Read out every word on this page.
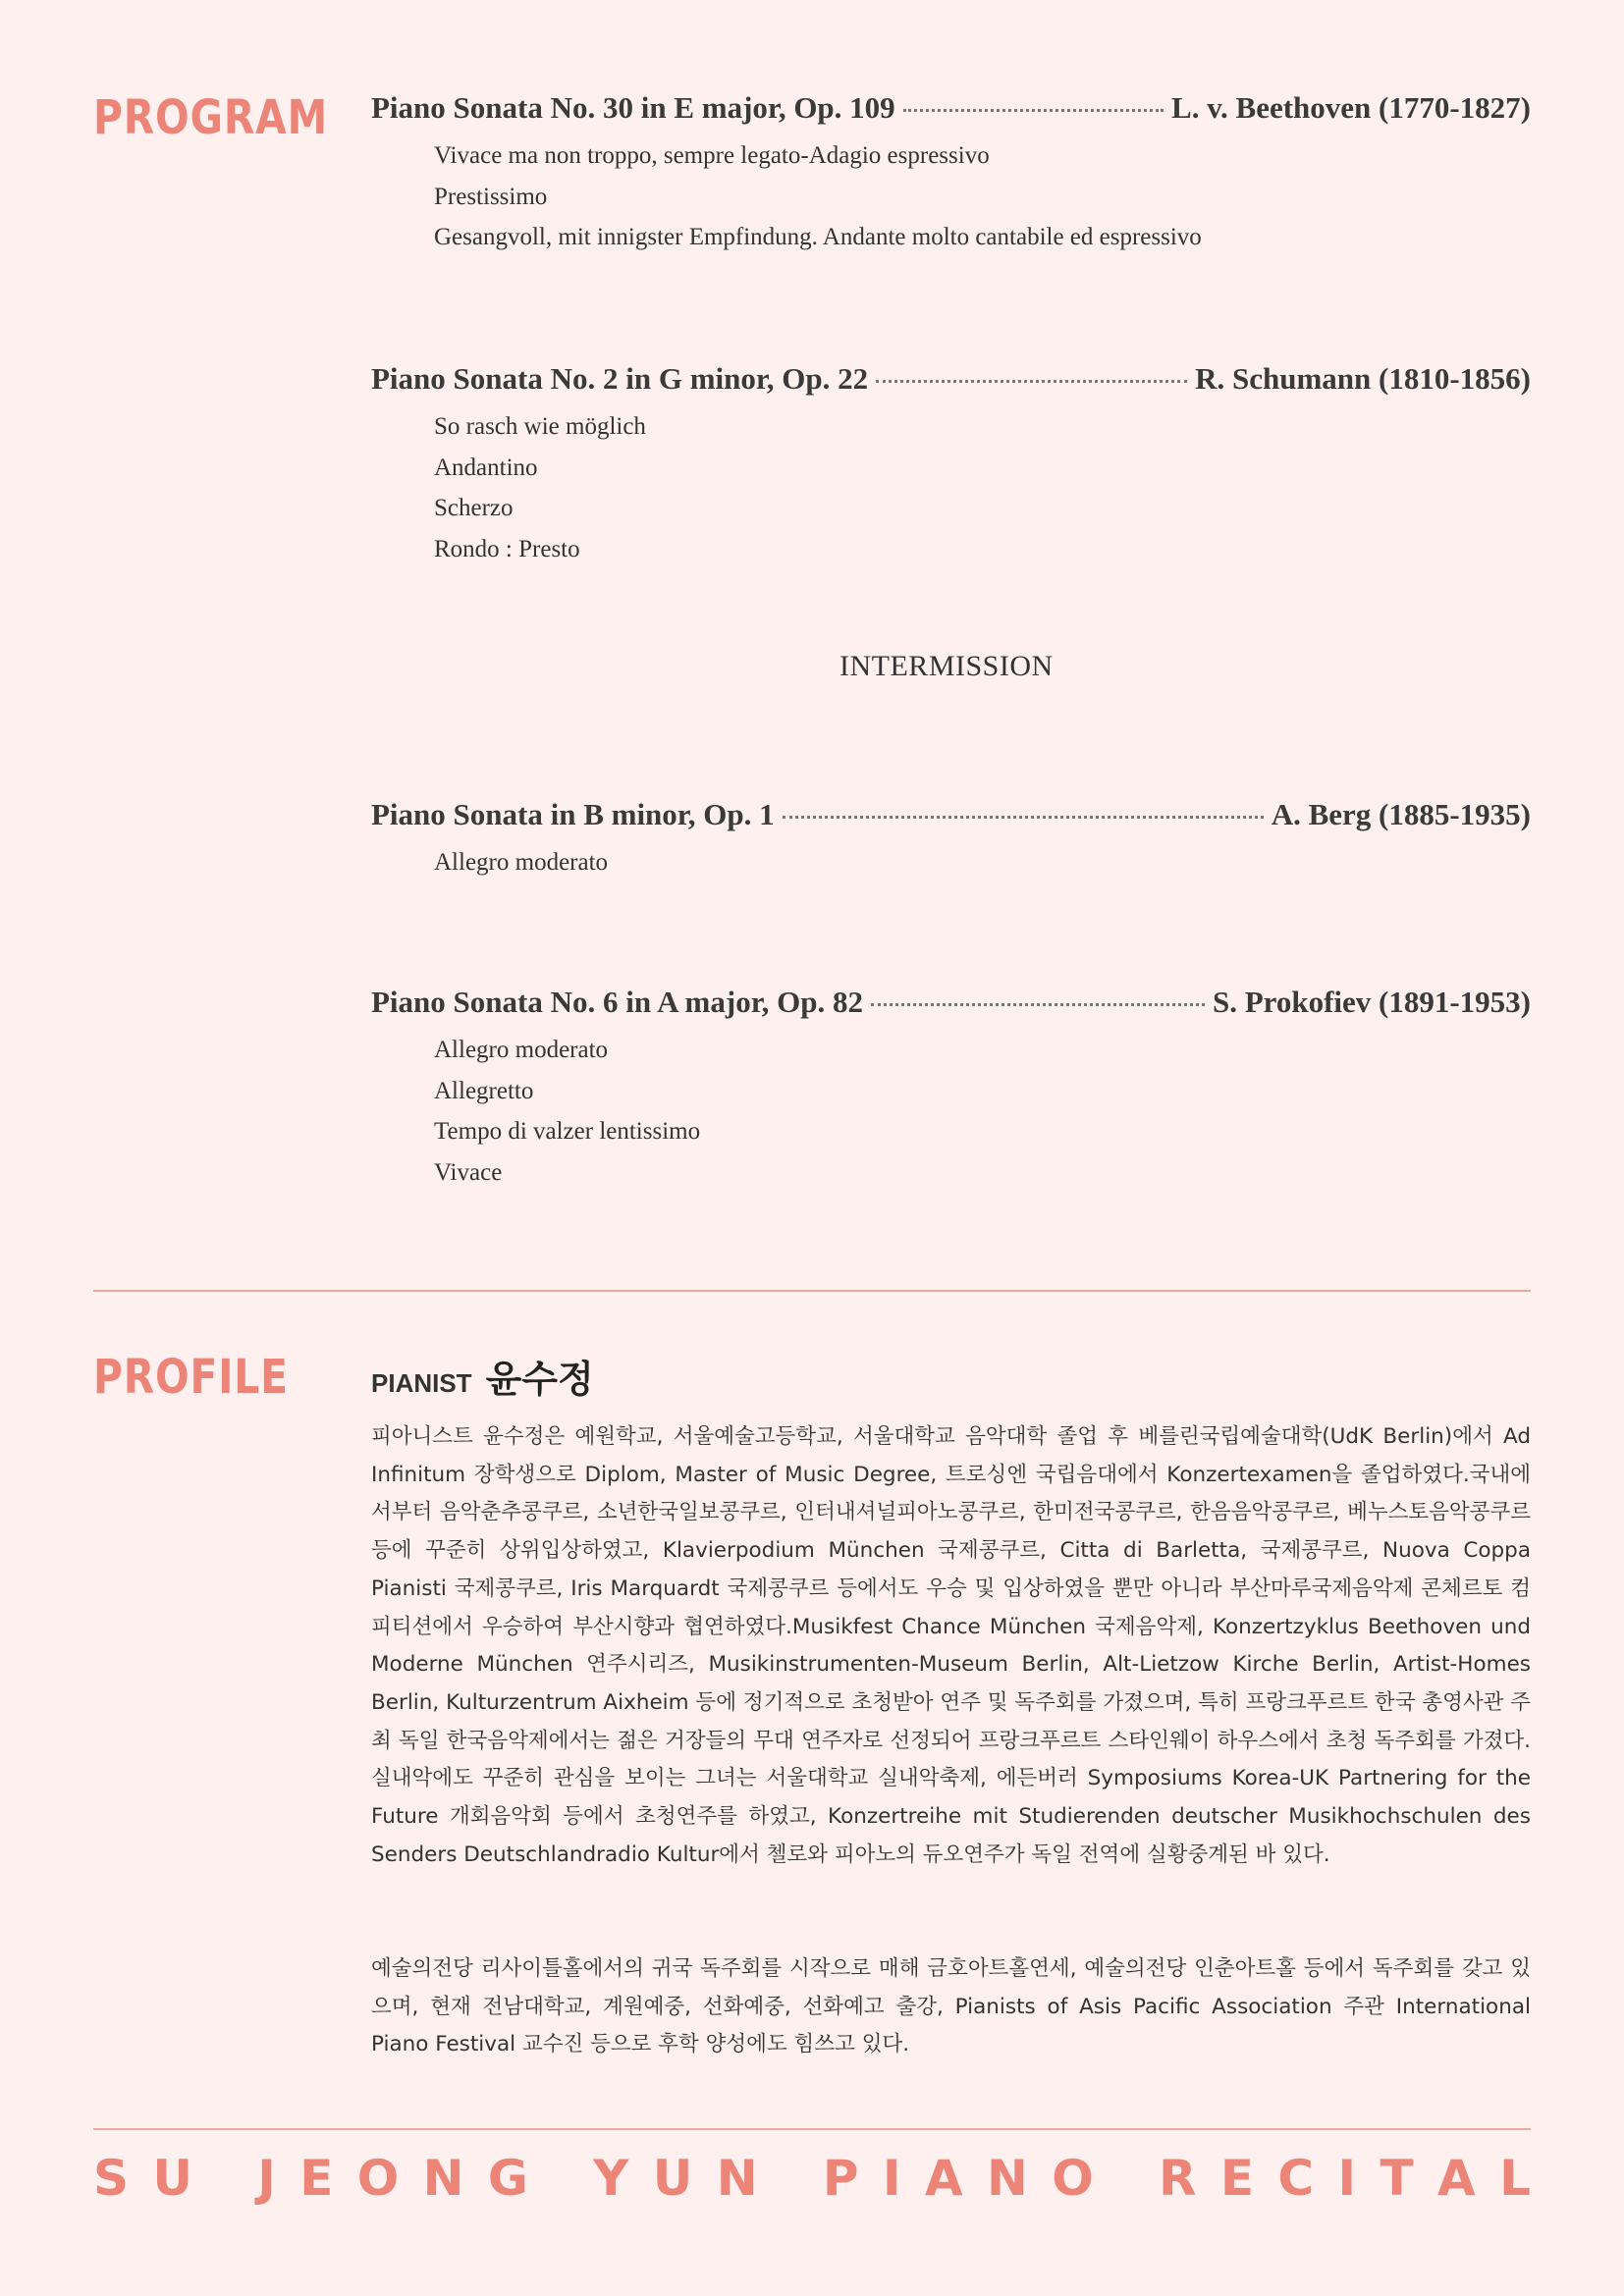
PROGRAM Piano Sonata No. 30 in E major, Op. 109	L. v. Beethoven (1770-1827)
Vivace ma non troppo, sempre legato-Adagio espressivo
Prestissimo
Gesangvoll, mit innigster Empfindung. Andante molto cantabile ed espressivo
Piano Sonata No. 2 in G minor, Op. 22	R. Schumann (1810-1856)
So rasch wie möglich
Andantino
Scherzo
Rondo : Presto
INTERMISSION
Piano Sonata in B minor, Op. 1	A. Berg (1885-1935)
Allegro moderato
Piano Sonata No. 6 in A major, Op. 82	S. Prokofiev (1891-1953)
Allegro moderato
Allegretto
Tempo di valzer lentissimo
Vivace
PROFILE	PIANIST 윤수정

피아니스트 윤수정은 예원학교, 서울예술고등학교, 서울대학교 음악대학 졸업 후 베를린국립예술대학(UdK Berlin)에서 Ad Infinitum 장학생으로 Diplom, Master of Music Degree, 트로싱엔 국립음대에서 Konzertexamen을 졸업하였다.국내에서부터 음악춘추콩쿠르, 소년한국일보콩쿠르, 인터내셔널피아노콩쿠르, 한미전국콩쿠르, 한음음악콩쿠르, 베누스토음악콩쿠르 등에 꾸준히 상위입상하였고, Klavierpodium München 국제콩쿠르, Citta di Barletta, 국제콩쿠르, Nuova Coppa Pianisti 국제콩쿠르, Iris Marquardt 국제콩쿠르 등에서도 우승 및 입상하였을 뿐만 아니라 부산마루국제음악제 콘체르토 컴피티션에서 우승하여 부산시향과 협연하였다.Musikfest Chance München 국제음악제, Konzertzyklus Beethoven und Moderne München 연주시리즈, Musikinstrumenten-Museum Berlin, Alt-Lietzow Kirche Berlin, Artist-Homes Berlin, Kulturzentrum Aixheim 등에 정기적으로 초청받아 연주 및 독주회를 가졌으며, 특히 프랑크푸르트 한국 총영사관 주최 독일 한국음악제에서는 젊은 거장들의 무대 연주자로 선정되어 프랑크푸르트 스타인웨이 하우스에서 초청 독주회를 가졌다. 실내악에도 꾸준히 관심을 보이는 그녀는 서울대학교 실내악축제, 에든버러 Symposiums Korea-UK Partnering for the Future 개회음악회 등에서 초청연주를 하였고, Konzertreihe mit Studierenden deutscher Musikhochschulen des Senders Deutschlandradio Kultur에서 첼로와 피아노의 듀오연주가 독일 전역에 실황중계된 바 있다.

예술의전당 리사이틀홀에서의 귀국 독주회를 시작으로 매해 금호아트홀연세, 예술의전당 인춘아트홀 등에서 독주회를 갖고 있으며, 현재 전남대학교, 계원예중, 선화예중, 선화예고 출강, Pianists of Asis Pacific Association 주관 International Piano Festival 교수진 등으로 후학 양성에도 힘쓰고 있다.

S U
J E O N G
Y U N
P I A N O
R E C I T A L
